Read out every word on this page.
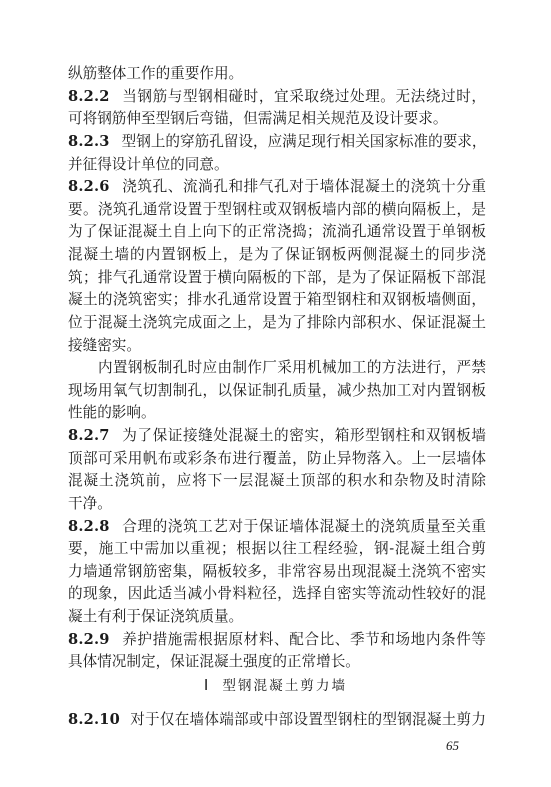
纵筋整体工作的重要作用。
8.2.2 当钢筋与型钢相碰时，宜采取绕过处理。无法绕过时，
可将钢筋伸至型钢后弯锚，但需满足相关规范及设计要求。
8.2.3 型钢上的穿筋孔留设，应满足现行相关国家标准的要求，
并征得设计单位的同意。
8.2.6 浇筑孔、流淌孔和排气孔对于墙体混凝土的浇筑十分重
要。浇筑孔通常设置于型钢柱或双钢板墙内部的横向隔板上，是
为了保证混凝土自上向下的正常浇捣；流淌孔通常设置于单钢板
混凝土墙的内置钢板上，是为了保证钢板两侧混凝土的同步浇
筑；排气孔通常设置于横向隔板的下部，是为了保证隔板下部混
凝土的浇筑密实；排水孔通常设置于箱型钢柱和双钢板墙侧面，
位于混凝土浇筑完成面之上，是为了排除内部积水、保证混凝土
接缝密实。
内置钢板制孔时应由制作厂采用机械加工的方法进行，严禁
现场用氧气切割制孔，以保证制孔质量，减少热加工对内置钢板
性能的影响。
8.2.7 为了保证接缝处混凝土的密实，箱形型钢柱和双钢板墙
顶部可采用帆布或彩条布进行覆盖，防止异物落入。上一层墙体
混凝土浇筑前，应将下一层混凝土顶部的积水和杂物及时清除
干净。
8.2.8 合理的浇筑工艺对于保证墙体混凝土的浇筑质量至关重
要，施工中需加以重视；根据以往工程经验，钢-混凝土组合剪
力墙通常钢筋密集，隔板较多，非常容易出现混凝土浇筑不密实
的现象，因此适当减小骨料粒径，选择自密实等流动性较好的混
凝土有利于保证浇筑质量。
8.2.9 养护措施需根据原材料、配合比、季节和场地内条件等
具体情况制定，保证混凝土强度的正常增长。
Ⅰ 型钢混凝土剪力墙
8.2.10 对于仅在墙体端部或中部设置型钢柱的型钢混凝土剪力
65
